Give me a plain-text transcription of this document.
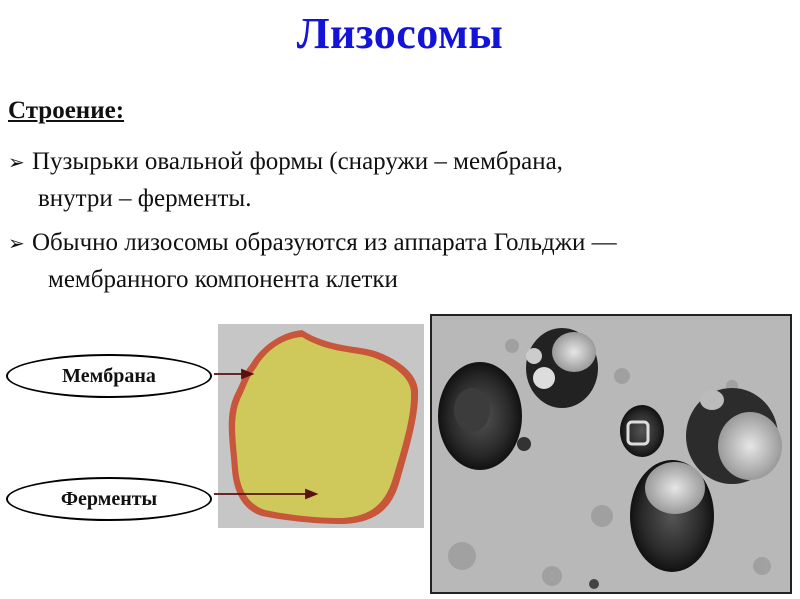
Лизосомы
Строение:
➢ Пузырьки овальной формы (снаружи – мембрана,
внутри – ферменты.
➢ Обычно лизосомы образуются из аппарата Гольджи —
мембранного компонента клетки
Мембрана
Ферменты
